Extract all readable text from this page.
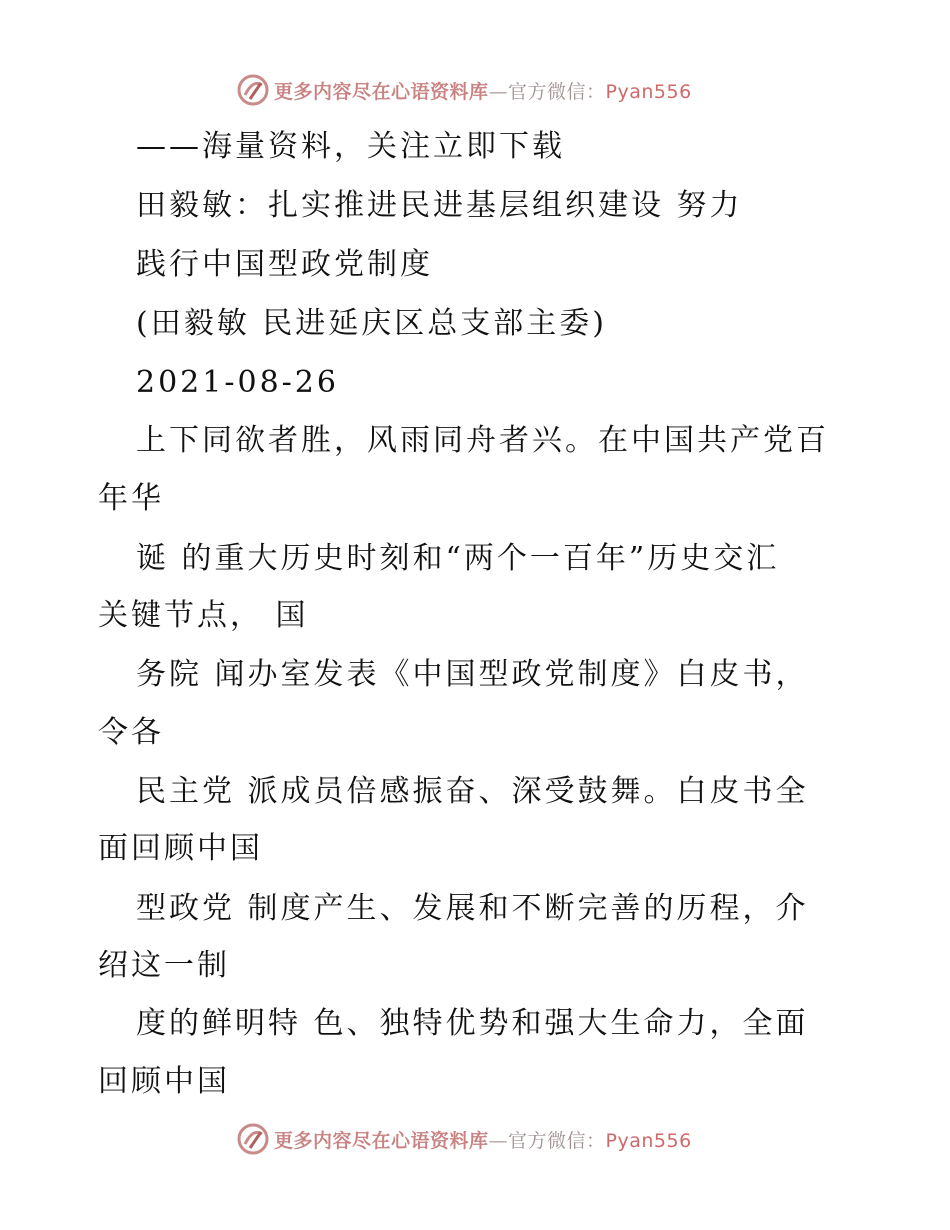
更多内容尽在心语资料库—官方微信：Pyan556

——海量资料，关注立即下载

田毅敏：扎实推进民进基层组织建设 努力

践行中国型政党制度

(田毅敏 民进延庆区总支部主委)

2021-08-26

上下同欲者胜，风雨同舟者兴。在中国共产党百

年华

诞 的重大历史时刻和“两个一百年”历史交汇

关键节点， 国

务院 闻办室发表《中国型政党制度》白皮书，

令各

民主党 派成员倍感振奋、深受鼓舞。白皮书全

面回顾中国

型政党 制度产生、发展和不断完善的历程，介

绍这一制

度的鲜明特 色、独特优势和强大生命力，全面

回顾中国

更多内容尽在心语资料库—官方微信：Pyan556
